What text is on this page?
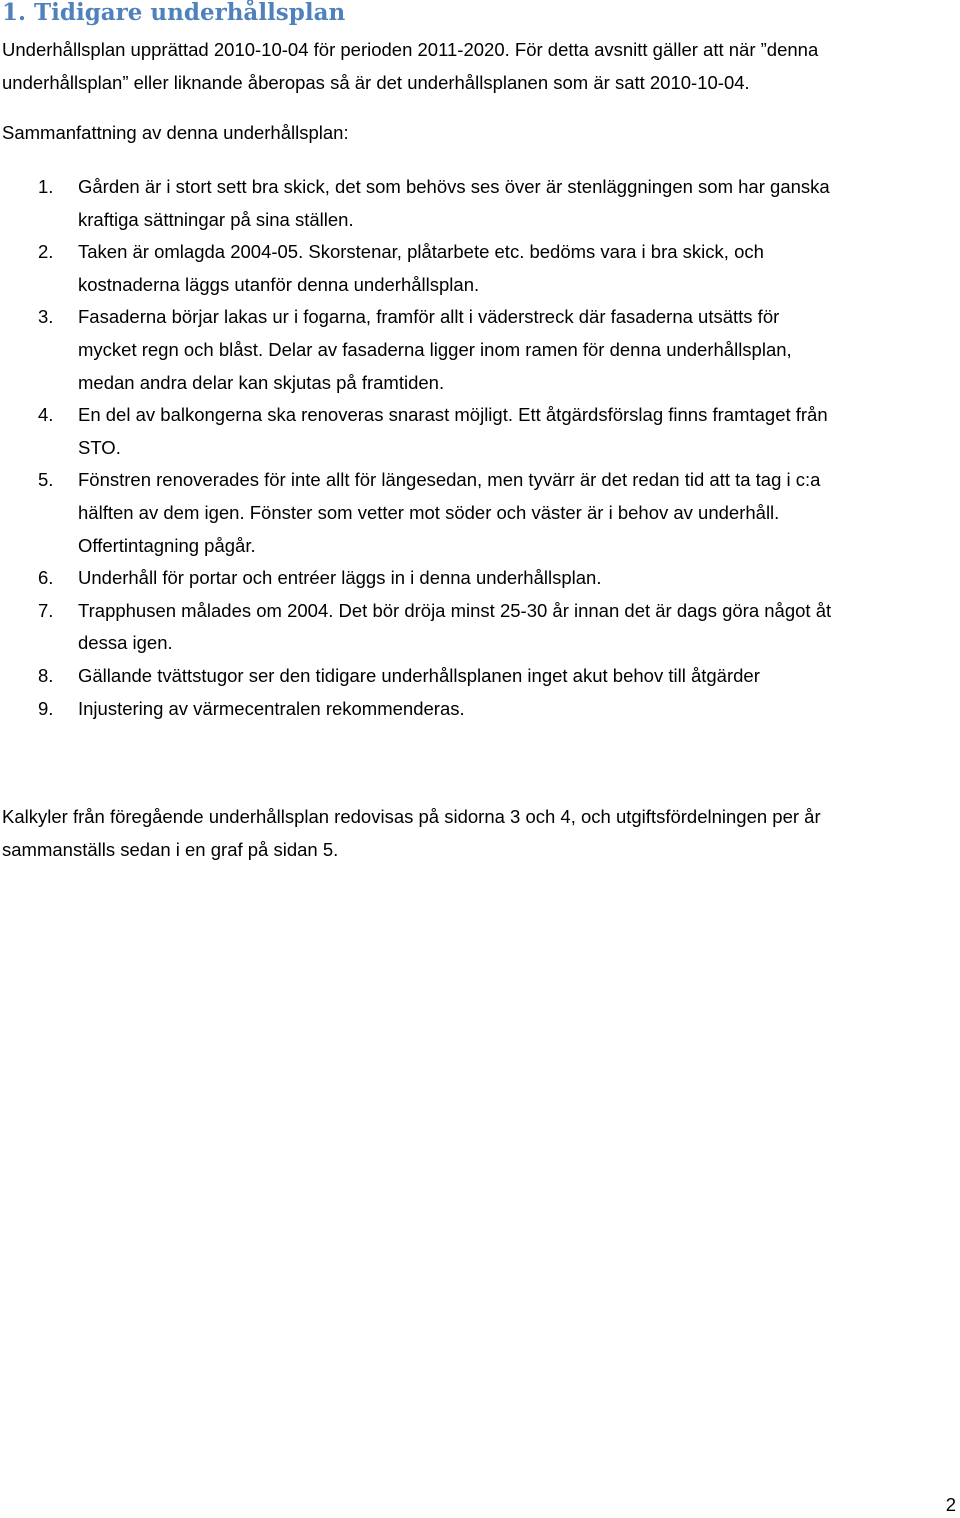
1. Tidigare underhållsplan

Underhållsplan upprättad 2010-10-04 för perioden 2011-2020. För detta avsnitt gäller att när ”denna
underhållsplan” eller liknande åberopas så är det underhållsplanen som är satt 2010-10-04.

Sammanfattning av denna underhållsplan:

1. Gården är i stort sett bra skick, det som behövs ses över är stenläggningen som har ganska
kraftiga sättningar på sina ställen.
2. Taken är omlagda 2004-05. Skorstenar, plåtarbete etc. bedöms vara i bra skick, och
kostnaderna läggs utanför denna underhållsplan.
3. Fasaderna börjar lakas ur i fogarna, framför allt i väderstreck där fasaderna utsätts för
mycket regn och blåst. Delar av fasaderna ligger inom ramen för denna underhållsplan,
medan andra delar kan skjutas på framtiden.
4. En del av balkongerna ska renoveras snarast möjligt. Ett åtgärdsförslag finns framtaget från
STO.
5. Fönstren renoverades för inte allt för längesedan, men tyvärr är det redan tid att ta tag i c:a
hälften av dem igen. Fönster som vetter mot söder och väster är i behov av underhåll.
Offertintagning pågår.
6. Underhåll för portar och entréer läggs in i denna underhållsplan.
7. Trapphusen målades om 2004. Det bör dröja minst 25-30 år innan det är dags göra något åt
dessa igen.
8. Gällande tvättstugor ser den tidigare underhållsplanen inget akut behov till åtgärder
9. Injustering av värmecentralen rekommenderas.

Kalkyler från föregående underhållsplan redovisas på sidorna 3 och 4, och utgiftsfördelningen per år
sammanställs sedan i en graf på sidan 5.

2
